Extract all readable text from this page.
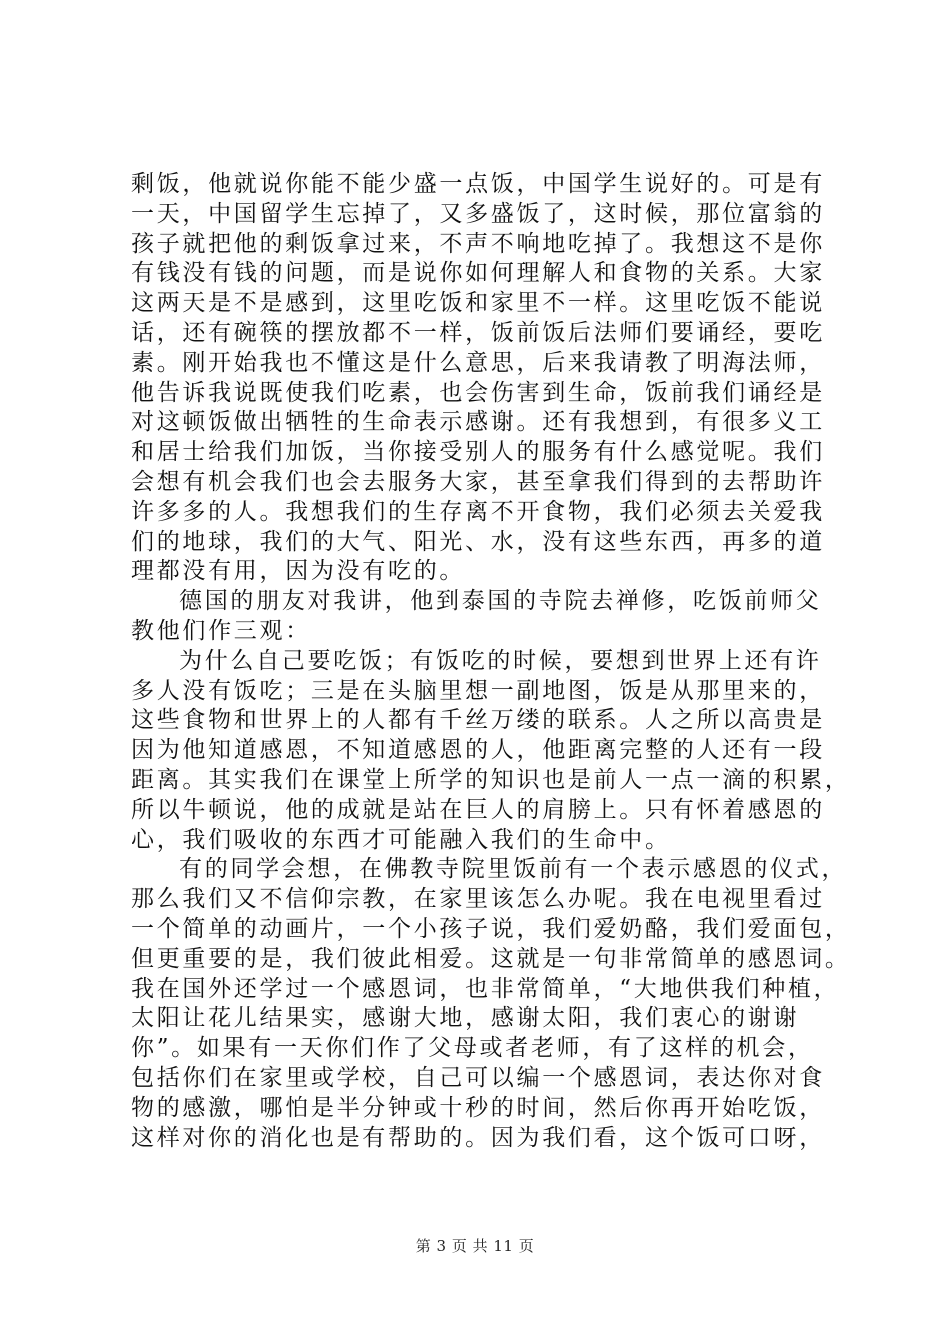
剩饭，他就说你能不能少盛一点饭，中国学生说好的。可是有
一天，中国留学生忘掉了，又多盛饭了，这时候，那位富翁的
孩子就把他的剩饭拿过来，不声不响地吃掉了。我想这不是你
有钱没有钱的问题，而是说你如何理解人和食物的关系。大家
这两天是不是感到，这里吃饭和家里不一样。这里吃饭不能说
话，还有碗筷的摆放都不一样，饭前饭后法师们要诵经，要吃
素。刚开始我也不懂这是什么意思，后来我请教了明海法师，
他告诉我说既使我们吃素，也会伤害到生命，饭前我们诵经是
对这顿饭做出牺牲的生命表示感谢。还有我想到，有很多义工
和居士给我们加饭，当你接受别人的服务有什么感觉呢。我们
会想有机会我们也会去服务大家，甚至拿我们得到的去帮助许
许多多的人。我想我们的生存离不开食物，我们必须去关爱我
们的地球，我们的大气、阳光、水，没有这些东西，再多的道
理都没有用，因为没有吃的。
德国的朋友对我讲，他到泰国的寺院去禅修，吃饭前师父
教他们作三观：
为什么自己要吃饭；有饭吃的时候，要想到世界上还有许
多人没有饭吃；三是在头脑里想一副地图，饭是从那里来的，
这些食物和世界上的人都有千丝万缕的联系。人之所以高贵是
因为他知道感恩，不知道感恩的人，他距离完整的人还有一段
距离。其实我们在课堂上所学的知识也是前人一点一滴的积累，
所以牛顿说，他的成就是站在巨人的肩膀上。只有怀着感恩的
心，我们吸收的东西才可能融入我们的生命中。
有的同学会想，在佛教寺院里饭前有一个表示感恩的仪式，
那么我们又不信仰宗教，在家里该怎么办呢。我在电视里看过
一个简单的动画片，一个小孩子说，我们爱奶酪，我们爱面包，
但更重要的是，我们彼此相爱。这就是一句非常简单的感恩词。
我在国外还学过一个感恩词，也非常简单，“大地供我们种植，
太阳让花儿结果实，感谢大地，感谢太阳，我们衷心的谢谢
你”。如果有一天你们作了父母或者老师，有了这样的机会，
包括你们在家里或学校，自己可以编一个感恩词，表达你对食
物的感激，哪怕是半分钟或十秒的时间，然后你再开始吃饭，
这样对你的消化也是有帮助的。因为我们看，这个饭可口呀，
第 3 页 共 11 页
